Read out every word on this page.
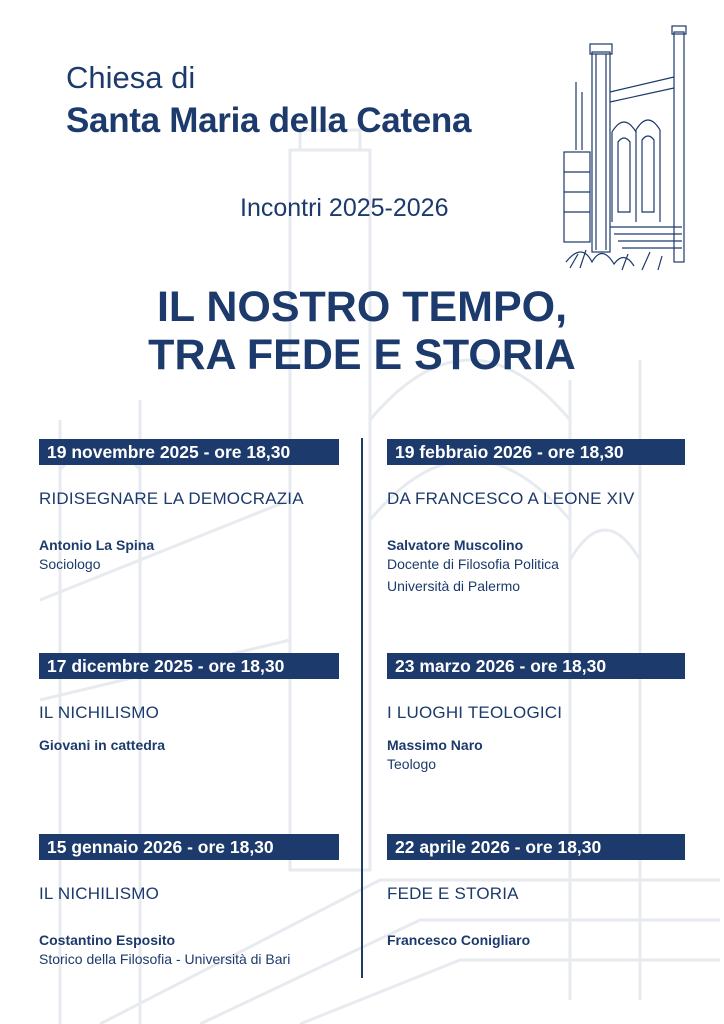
Chiesa di
Santa Maria della Catena
Incontri 2025-2026
IL NOSTRO TEMPO,
TRA FEDE E STORIA
19 novembre 2025 - ore 18,30
RIDISEGNARE LA DEMOCRAZIA
Antonio La Spina
Sociologo
17 dicembre 2025 - ore 18,30
IL NICHILISMO
Giovani in cattedra
15 gennaio 2026 - ore 18,30
IL NICHILISMO
Costantino Esposito
Storico della Filosofia - Università di Bari
19 febbraio 2026 - ore 18,30
DA FRANCESCO A LEONE XIV
Salvatore Muscolino
Docente di Filosofia Politica
Università di Palermo
23 marzo 2026 - ore 18,30
I LUOGHI TEOLOGICI
Massimo Naro
Teologo
22 aprile 2026 - ore 18,30
FEDE E STORIA
Francesco Conigliaro
